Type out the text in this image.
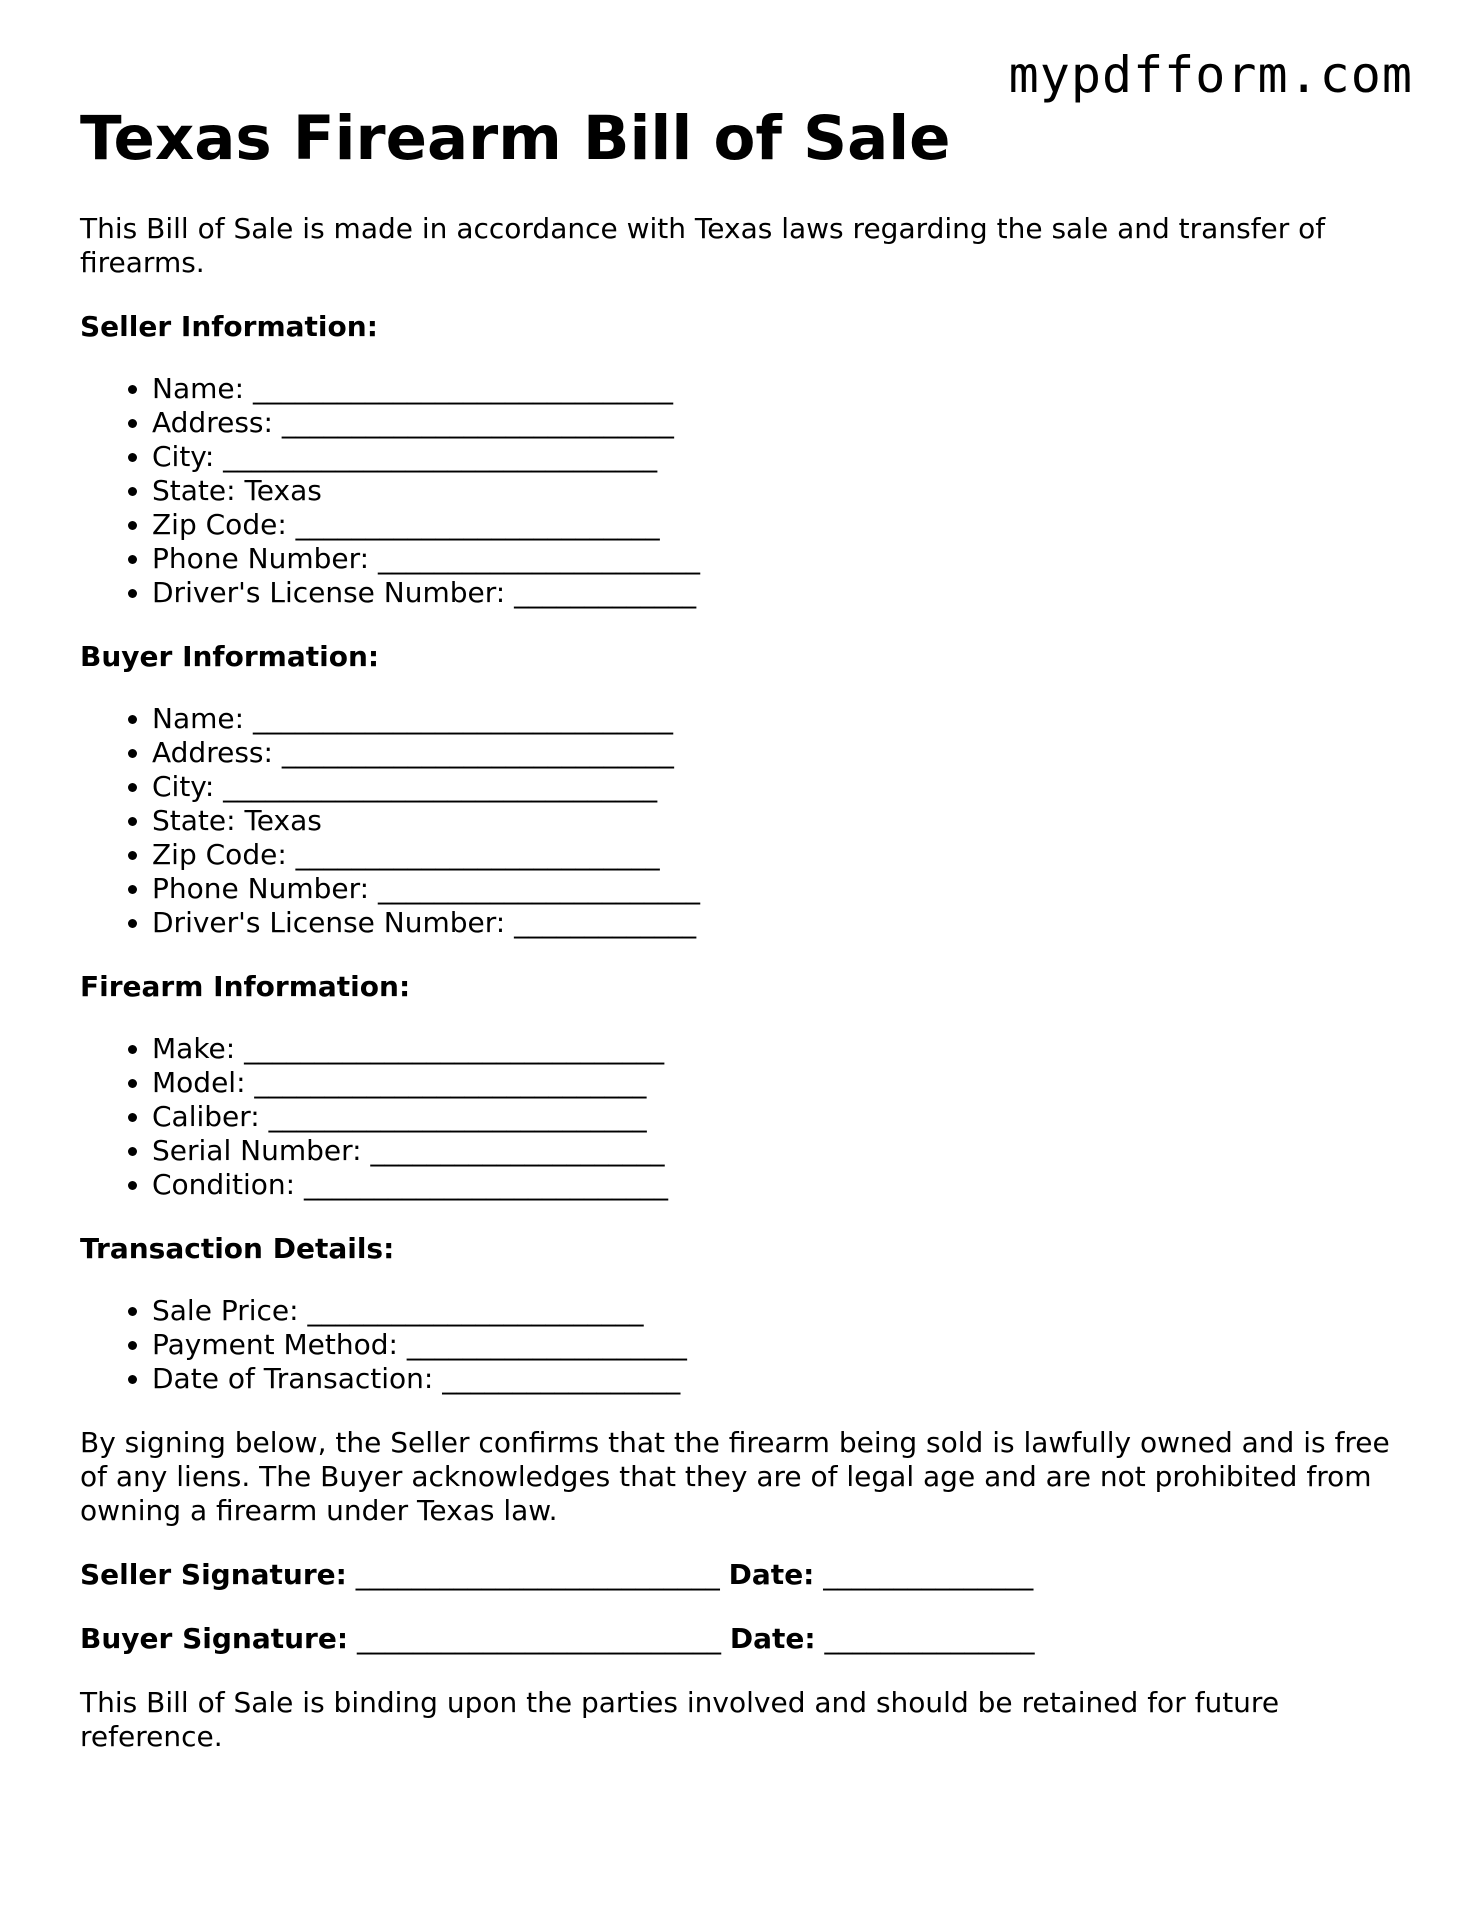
mypdfform.com
Texas Firearm Bill of Sale

This Bill of Sale is made in accordance with Texas laws regarding the sale and transfer of firearms.

Seller Information:
• Name: ______________________________
• Address: ____________________________
• City: _______________________________
• State: Texas
• Zip Code: __________________________
• Phone Number: _______________________
• Driver's License Number: _____________
Buyer Information:
• Name: ______________________________
• Address: ____________________________
• City: _______________________________
• State: Texas
• Zip Code: __________________________
• Phone Number: _______________________
• Driver's License Number: _____________
Firearm Information:
• Make: ______________________________
• Model: ____________________________
• Caliber: ___________________________
• Serial Number: _____________________
• Condition: __________________________
Transaction Details:
• Sale Price: ________________________
• Payment Method: ____________________
• Date of Transaction: _________________

By signing below, the Seller confirms that the firearm being sold is lawfully owned and is free of any liens. The Buyer acknowledges that they are of legal age and are not prohibited from owning a firearm under Texas law.

Seller Signature: __________________________ Date: _______________
Buyer Signature: __________________________ Date: _______________

This Bill of Sale is binding upon the parties involved and should be retained for future reference.
